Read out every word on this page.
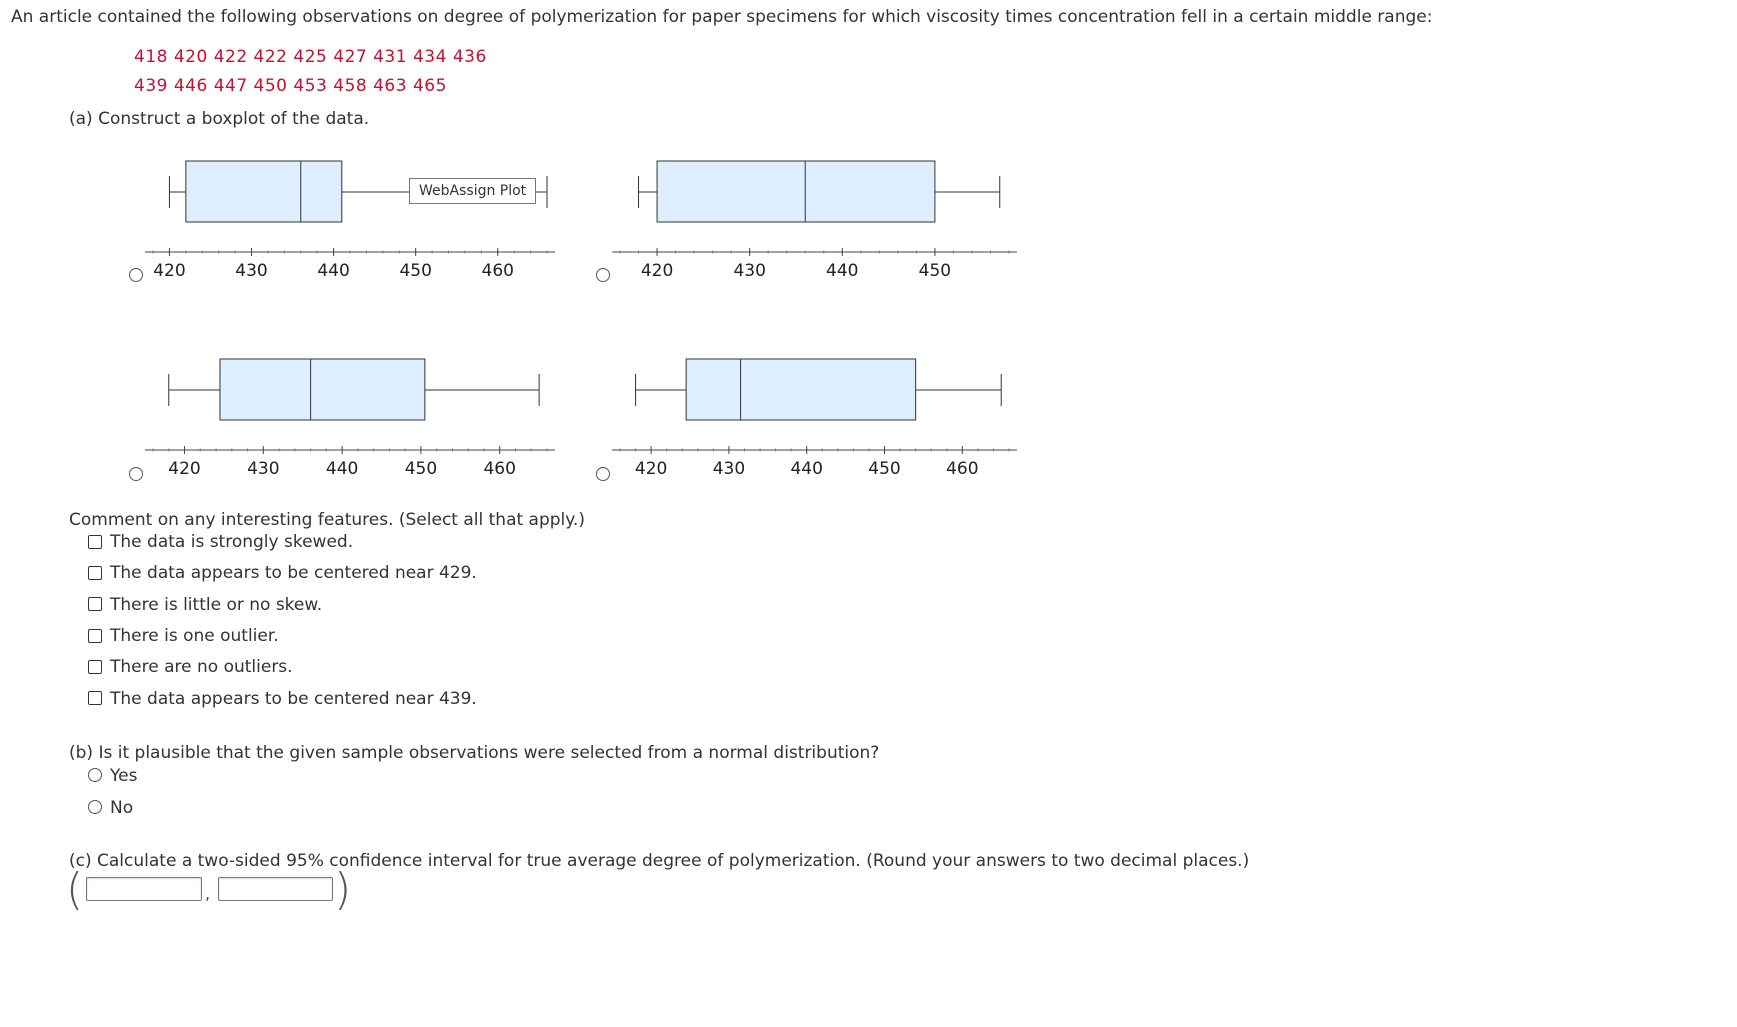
An article contained the following observations on degree of polymerization for paper specimens for which viscosity times concentration fell in a certain middle range:
418 420 422 422 425 427 431 434 436
439 446 447 450 453 458 463 465
(a) Construct a boxplot of the data.
420	430	440	450	460
WebAssign Plot
420	430	440	450
420	430	440	450	460	420	430	440	450	460
Comment on any interesting features. (Select all that apply.)
The data is strongly skewed.
The data appears to be centered near 429.
There is little or no skew.
There is one outlier.
There are no outliers.
The data appears to be centered near 439.
(b) Is it plausible that the given sample observations were selected from a normal distribution?
Yes
No
(c) Calculate a two-sided 95% confidence interval for true average degree of polymerization. (Round your answers to two decimal places.)
(	,	)
